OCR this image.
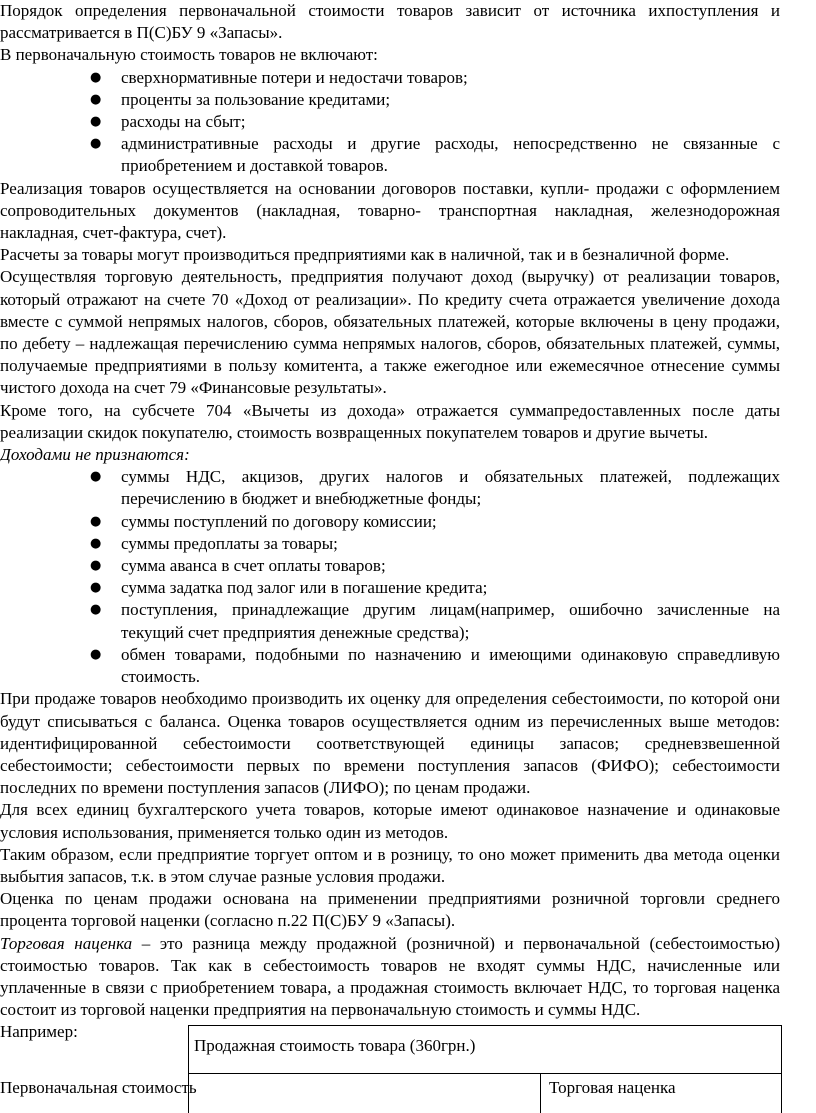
Порядок определения первоначальной стоимости товаров зависит от источника ихпоступления и рассматривается в П(С)БУ 9 «Запасы».

В первоначальную стоимость товаров не включают:

● сверхнормативные потери и недостачи товаров;
● проценты за пользование кредитами;
● расходы на сбыт;
● административные расходы и другие расходы, непосредственно не связанные с приобретением и доставкой товаров.

Реализация товаров осуществляется на основании договоров поставки, купли- продажи с оформлением сопроводительных документов (накладная, товарно- транспортная накладная, железнодорожная накладная, счет-фактура, счет).

Расчеты за товары могут производиться предприятиями как в наличной, так и в безналичной форме.

Осуществляя торговую деятельность, предприятия получают доход (выручку) от реализации товаров, который отражают на счете 70 «Доход от реализации». По кредиту счета отражается увеличение дохода вместе с суммой непрямых налогов, сборов, обязательных платежей, которые включены в цену продажи, по дебету – надлежащая перечислению сумма непрямых налогов, сборов, обязательных платежей, суммы, получаемые предприятиями в пользу комитента, а также ежегодное или ежемесячное отнесение суммы чистого дохода на счет 79 «Финансовые результаты».

Кроме того, на субсчете 704 «Вычеты из дохода» отражается суммапредоставленных после даты реализации скидок покупателю, стоимость возвращенных покупателем товаров и другие вычеты.

Доходами не признаются:

● суммы НДС, акцизов, других налогов и обязательных платежей, подлежащих перечислению в бюджет и внебюджетные фонды;
● суммы поступлений по договору комиссии;
● суммы предоплаты за товары;
● сумма аванса в счет оплаты товаров;
● сумма задатка под залог или в погашение кредита;
● поступления, принадлежащие другим лицам(например, ошибочно зачисленные на текущий счет предприятия денежные средства);
● обмен товарами, подобными по назначению и имеющими одинаковую справедливую стоимость.

При продаже товаров необходимо производить их оценку для определения себестоимости, по которой они будут списываться с баланса. Оценка товаров осуществляется одним из перечисленных выше методов: идентифицированной себестоимости соответствующей единицы запасов; средневзвешенной себестоимости; себестоимости первых по времени поступления запасов (ФИФО); себестоимости последних по времени поступления запасов (ЛИФО); по ценам продажи.

Для всех единиц бухгалтерского учета товаров, которые имеют одинаковое назначение и одинаковые условия использования, применяется только один из методов.

Таким образом, если предприятие торгует оптом и в розницу, то оно может применить два метода оценки выбытия запасов, т.к. в этом случае разные условия продажи.

Оценка по ценам продажи основана на применении предприятиями розничной торговли среднего процента торговой наценки (согласно п.22 П(С)БУ 9 «Запасы).

Торговая наценка – это разница между продажной (розничной) и первоначальной (себестоимостью) стоимостью товаров. Так как в себестоимость товаров не входят суммы НДС, начисленные или уплаченные в связи с приобретением товара, а продажная стоимость включает НДС, то торговая наценка состоит из торговой наценки предприятия на первоначальную стоимость и суммы НДС.

Например:

Продажная стоимость товара (360грн.)
Первоначальная стоимость	Торговая наценка
